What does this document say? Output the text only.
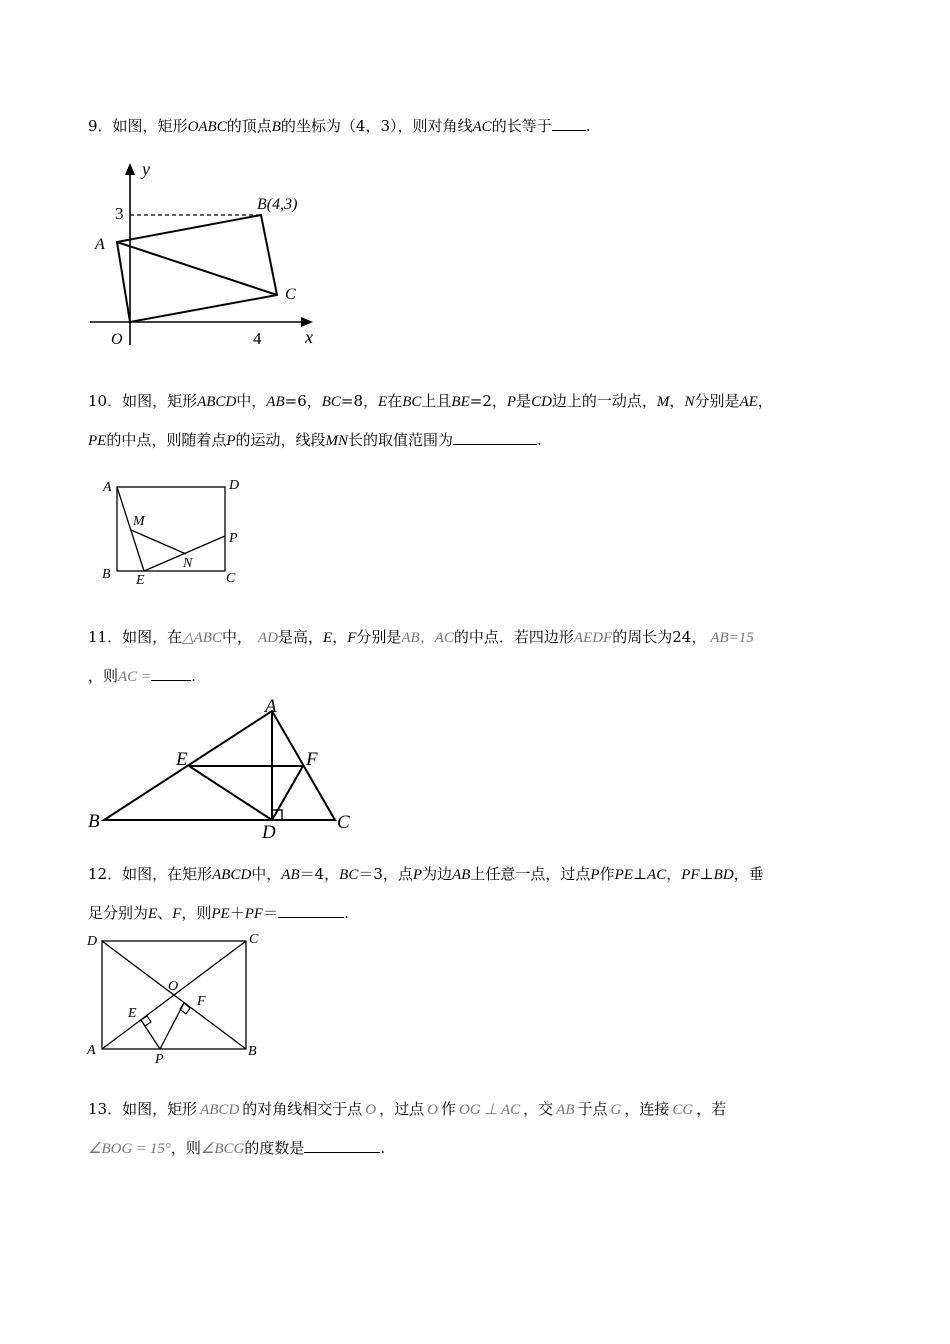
9．如图，矩形OABC的顶点B的坐标为（4，3），则对角线AC的长等于 .
y
x
3
4
A
B(4,3)
C
O
10．如图，矩形ABCD中，AB=6，BC=8，E在BC上且BE=2，P是CD边上的一动点，M，N分别是AE，
PE的中点，则随着点P的运动，线段MN长的取值范围为	.
A	D
M
P
N
B E	C
11．如图，在△ABC中， AD是高，E，F分别是AB，AC的中点．若四边形AEDF的周长为24， AB=15
，则AC =	.
A
E	F
B
D	C
12．如图，在矩形ABCD中，AB＝4，BC＝3，点P为边AB上任意一点，过点P作PE⊥AC，PF⊥BD，垂
足分别为E、F，则PE＋PF＝	.
D	C
O
E
F
A
P
B
13．如图，矩形 ABCD 的对角线相交于点 O ，过点 O 作 OG ⊥ AC ，交 AB 于点 G ，连接 CG ，若
∠BOG = 15°，则∠BCG的度数是	.
